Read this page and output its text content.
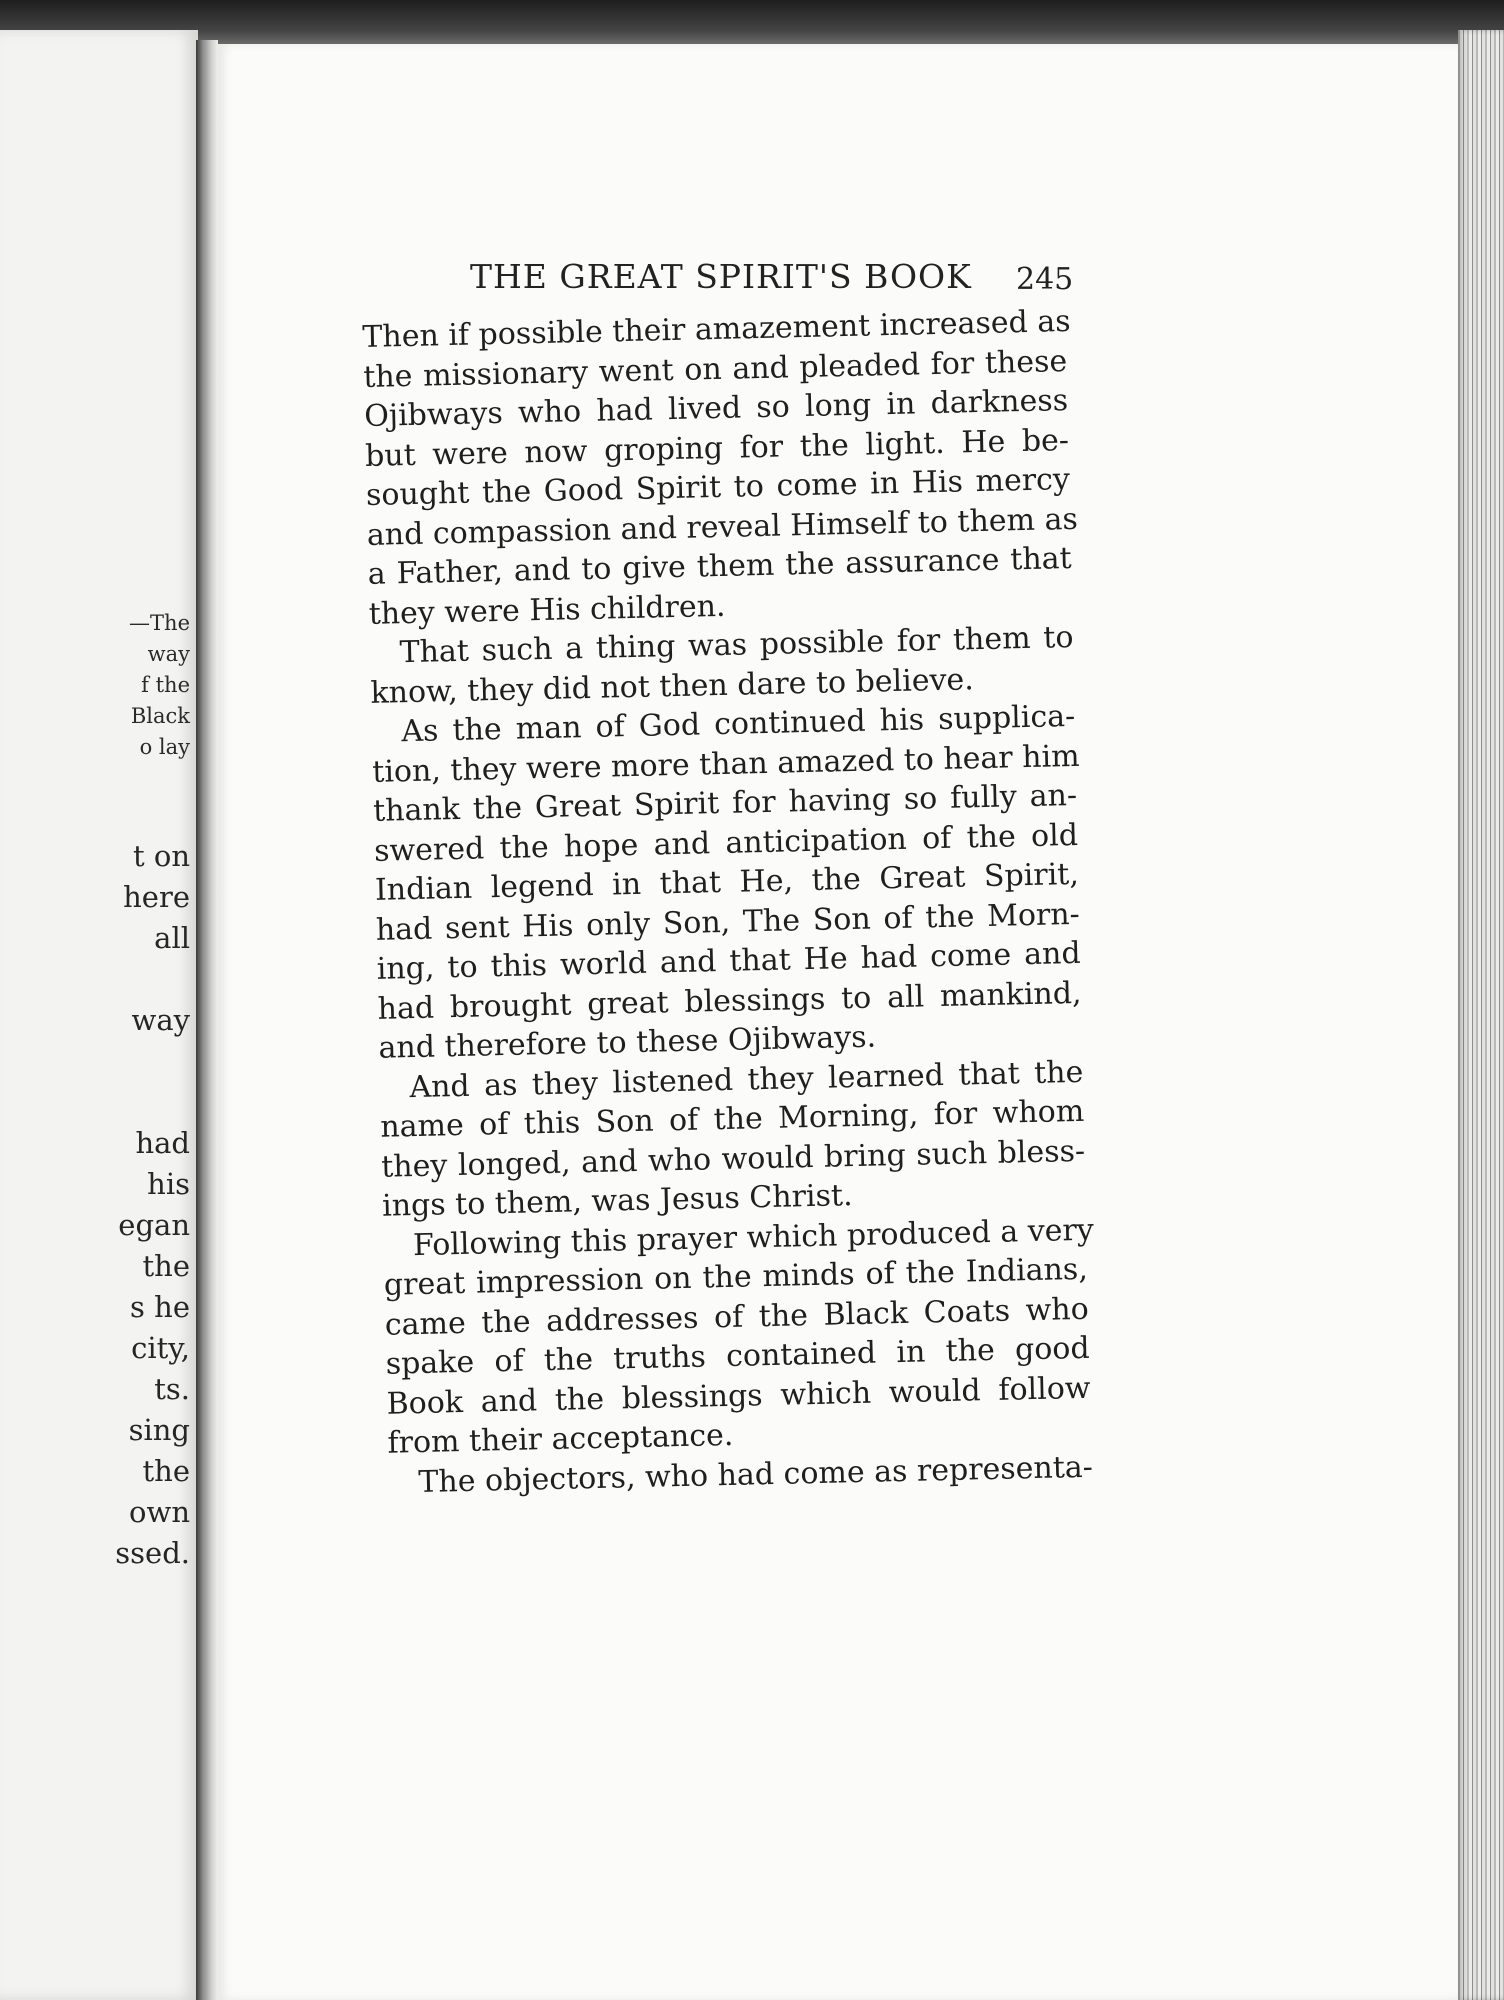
—The
way
f the
Black
o lay
t on
here
all

way

had
his
egan
the
s he
city,
ts.
sing
the
own
ssed.
THE GREAT SPIRIT'S BOOK 245
Then if possible their amazement increased as
the missionary went on and pleaded for these
Ojibways who had lived so long in darkness
but were now groping for the light. He be-
sought the Good Spirit to come in His mercy
and compassion and reveal Himself to them as
a Father, and to give them the assurance that
they were His children.
That such a thing was possible for them to
know, they did not then dare to believe.
As the man of God continued his supplica-
tion, they were more than amazed to hear him
thank the Great Spirit for having so fully an-
swered the hope and anticipation of the old
Indian legend in that He, the Great Spirit,
had sent His only Son, The Son of the Morn-
ing, to this world and that He had come and
had brought great blessings to all mankind,
and therefore to these Ojibways.
And as they listened they learned that the
name of this Son of the Morning, for whom
they longed, and who would bring such bless-
ings to them, was Jesus Christ.
Following this prayer which produced a very
great impression on the minds of the Indians,
came the addresses of the Black Coats who
spake of the truths contained in the good
Book and the blessings which would follow
from their acceptance.
The objectors, who had come as representa-
